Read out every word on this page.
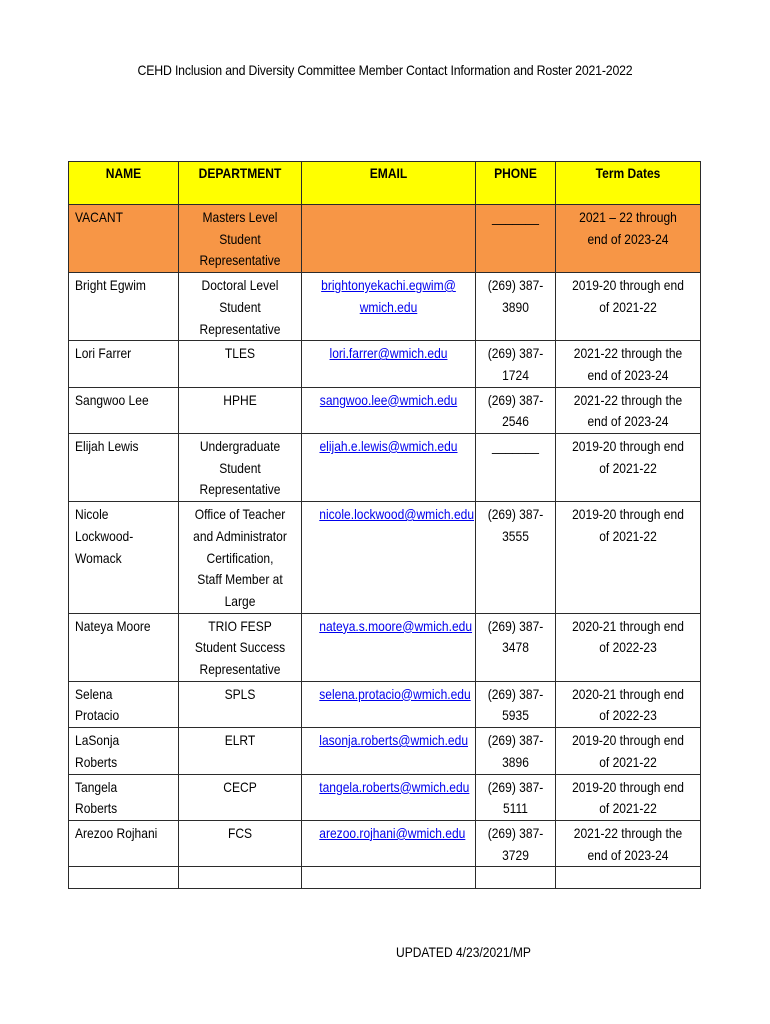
CEHD Inclusion and Diversity Committee Member Contact Information and Roster 2021-2022
NAME	DEPARTMENT	EMAIL	PHONE	Term Dates

VACANT	Masters Level Student Representative		_______	2021 – 22 through end of 2023-24

Bright Egwim	Doctoral Level Student Representative	brightonyekachi.egwim@wmich.edu	(269) 387-3890	2019-20 through end of 2021-22

Lori Farrer	TLES	lori.farrer@wmich.edu	(269) 387-1724	2021-22 through the end of 2023-24

Sangwoo Lee	HPHE	sangwoo.lee@wmich.edu	(269) 387-2546	2021-22 through the end of 2023-24

Elijah Lewis	Undergraduate Student Representative	elijah.e.lewis@wmich.edu	_______	2019-20 through end of 2021-22

Nicole Lockwood-Womack	Office of Teacher and Administrator Certification, Staff Member at Large	nicole.lockwood@wmich.edu	(269) 387-3555	2019-20 through end of 2021-22

Nateya Moore	TRIO FESP Student Success Representative	nateya.s.moore@wmich.edu	(269) 387-3478	2020-21 through end of 2022-23

Selena Protacio	SPLS	selena.protacio@wmich.edu	(269) 387-5935	2020-21 through end of 2022-23

LaSonja Roberts	ELRT	lasonja.roberts@wmich.edu	(269) 387-3896	2019-20 through end of 2021-22

Tangela Roberts	CECP	tangela.roberts@wmich.edu	(269) 387-5111	2019-20 through end of 2021-22

Arezoo Rojhani	FCS	arezoo.rojhani@wmich.edu	(269) 387-3729	2021-22 through the end of 2023-24

UPDATED 4/23/2021/MP
